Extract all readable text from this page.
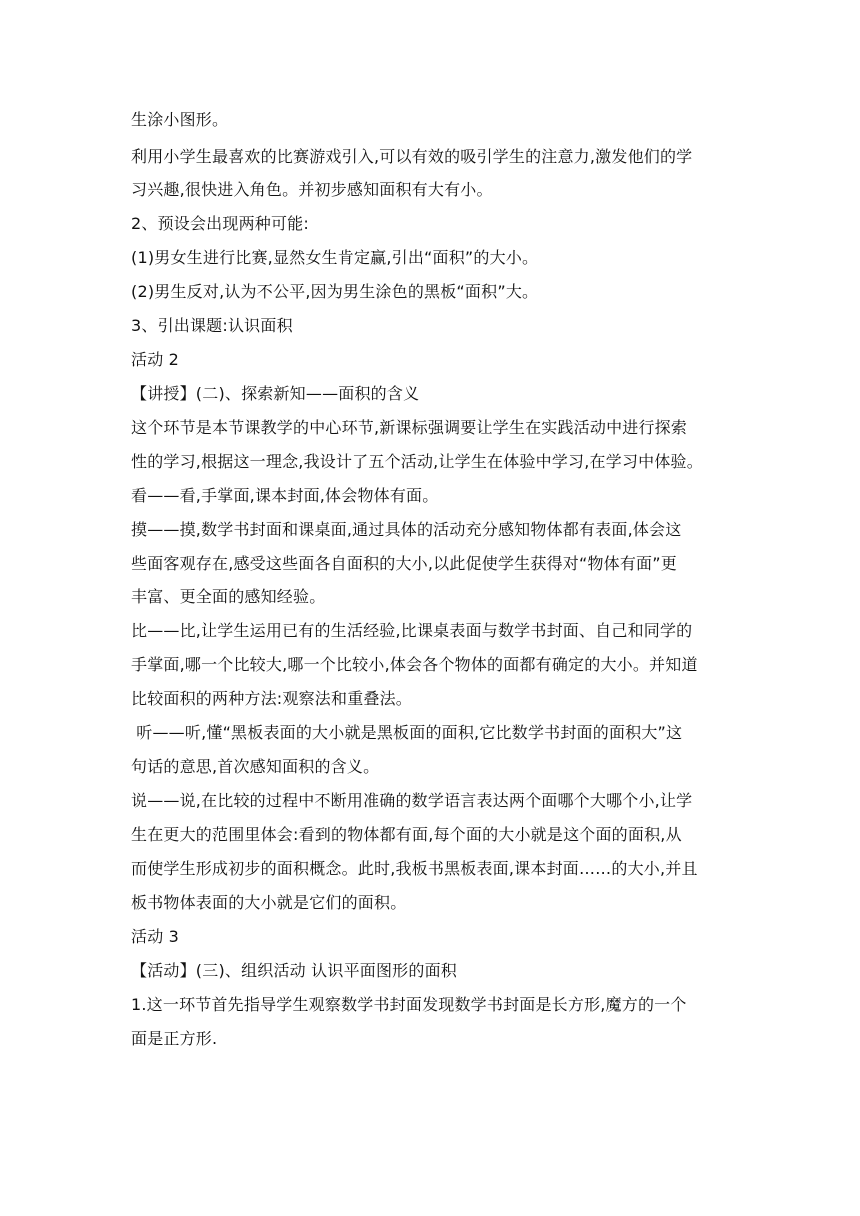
生涂小图形。
利用小学生最喜欢的比赛游戏引入,可以有效的吸引学生的注意力,激发他们的学
习兴趣,很快进入角色。并初步感知面积有大有小。
2、预设会出现两种可能:
(1)男女生进行比赛,显然女生肯定赢,引出“面积”的大小。
(2)男生反对,认为不公平,因为男生涂色的黑板“面积”大。
3、引出课题:认识面积
活动 2
【讲授】(二)、探索新知——面积的含义
这个环节是本节课教学的中心环节,新课标强调要让学生在实践活动中进行探索
性的学习,根据这一理念,我设计了五个活动,让学生在体验中学习,在学习中体验。
看——看,手掌面,课本封面,体会物体有面。
摸——摸,数学书封面和课桌面,通过具体的活动充分感知物体都有表面,体会这
些面客观存在,感受这些面各自面积的大小,以此促使学生获得对“物体有面”更
丰富、更全面的感知经验。
比——比,让学生运用已有的生活经验,比课桌表面与数学书封面、自己和同学的
手掌面,哪一个比较大,哪一个比较小,体会各个物体的面都有确定的大小。并知道
比较面积的两种方法:观察法和重叠法。
听——听,懂“黑板表面的大小就是黑板面的面积,它比数学书封面的面积大”这
句话的意思,首次感知面积的含义。
说——说,在比较的过程中不断用准确的数学语言表达两个面哪个大哪个小,让学
生在更大的范围里体会:看到的物体都有面,每个面的大小就是这个面的面积,从
而使学生形成初步的面积概念。此时,我板书黑板表面,课本封面……的大小,并且
板书物体表面的大小就是它们的面积。
活动 3
【活动】(三)、组织活动 认识平面图形的面积
1.这一环节首先指导学生观察数学书封面发现数学书封面是长方形,魔方的一个
面是正方形.
